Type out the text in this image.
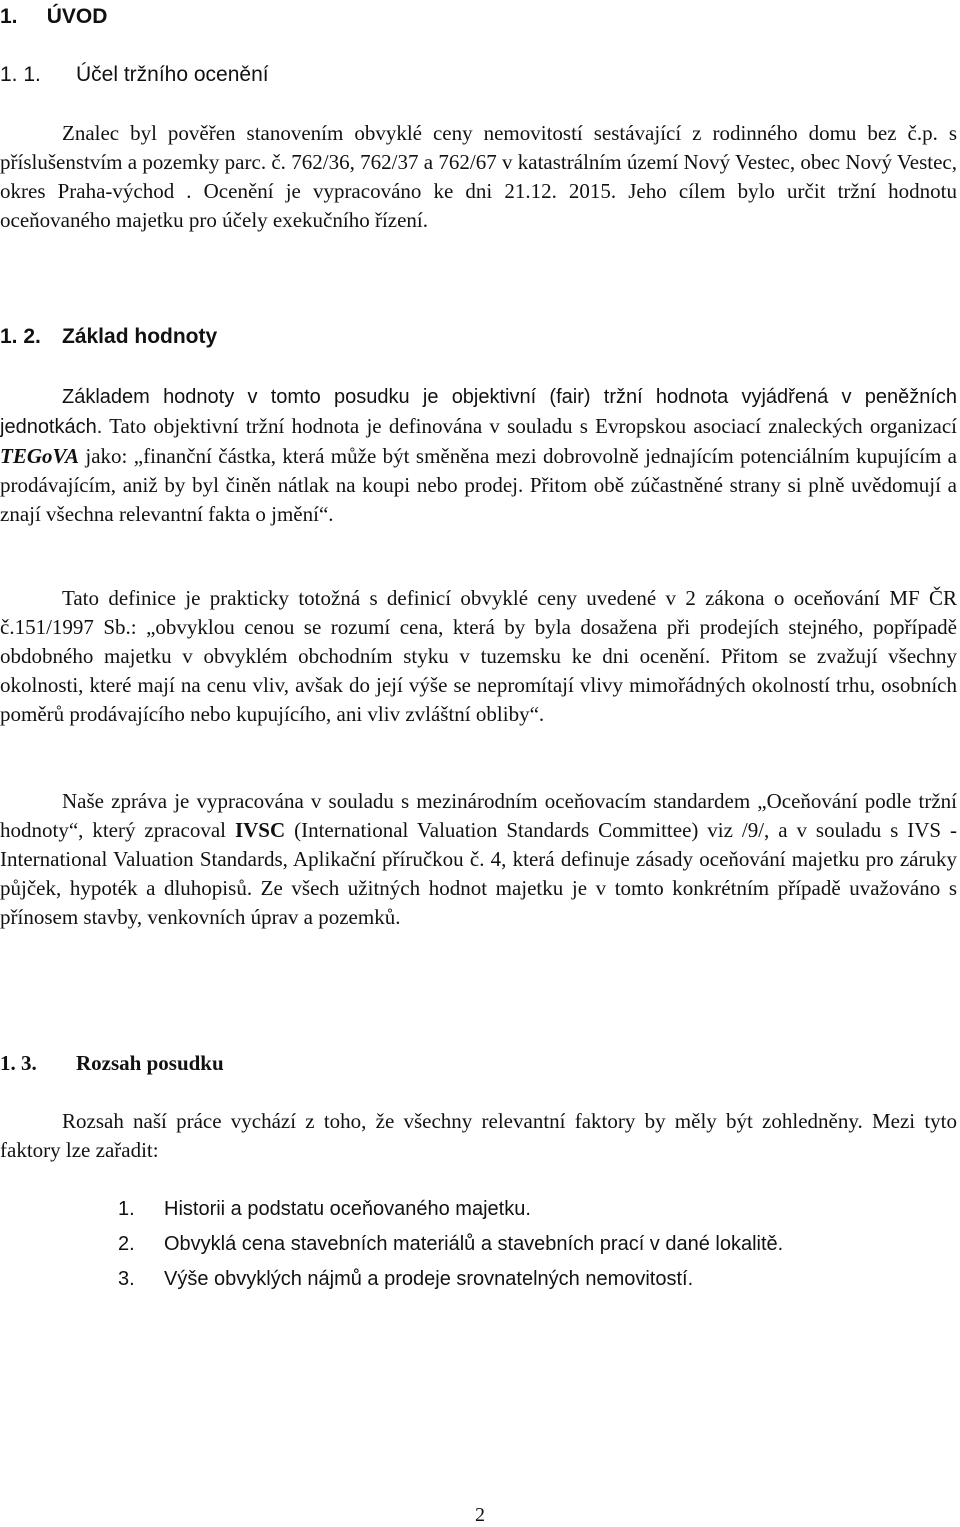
1. ÚVOD
1. 1. Účel tržního ocenění

Znalec byl pověřen stanovením obvyklé ceny nemovitostí sestávající z rodinného domu bez č.p. s příslušenstvím a pozemky parc. č. 762/36, 762/37 a 762/67 v katastrálním území Nový Vestec, obec Nový Vestec, okres Praha-východ . Ocenění je vypracováno ke dni 21.12. 2015. Jeho cílem bylo určit tržní hodnotu oceňovaného majetku pro účely exekučního řízení.

1. 2. Základ hodnoty

Základem hodnoty v tomto posudku je objektivní (fair) tržní hodnota vyjádřená v peněžních jednotkách. Tato objektivní tržní hodnota je definována v souladu s Evropskou asociací znaleckých organizací TEGoVA jako: „finanční částka, která může být směněna mezi dobrovolně jednajícím potenciálním kupujícím a prodávajícím, aniž by byl činěn nátlak na koupi nebo prodej. Přitom obě zúčastněné strany si plně uvědomují a znají všechna relevantní fakta o jmění“.

Tato definice je prakticky totožná s definicí obvyklé ceny uvedené v 2 zákona o oceňování MF ČR č.151/1997 Sb.: „obvyklou cenou se rozumí cena, která by byla dosažena při prodejích stejného, popřípadě obdobného majetku v obvyklém obchodním styku v tuzemsku ke dni ocenění. Přitom se zvažují všechny okolnosti, které mají na cenu vliv, avšak do její výše se nepromítají vlivy mimořádných okolností trhu, osobních poměrů prodávajícího nebo kupujícího, ani vliv zvláštní obliby“.

Naše zpráva je vypracována v souladu s mezinárodním oceňovacím standardem „Oceňování podle tržní hodnoty“, který zpracoval IVSC (International Valuation Standards Committee) viz /9/, a v souladu s IVS - International Valuation Standards, Aplikační příručkou č. 4, která definuje zásady oceňování majetku pro záruky půjček, hypoték a dluhopisů. Ze všech užitných hodnot majetku je v tomto konkrétním případě uvažováno s přínosem stavby, venkovních úprav a pozemků.

1. 3. Rozsah posudku

Rozsah naší práce vychází z toho, že všechny relevantní faktory by měly být zohledněny. Mezi tyto faktory lze zařadit:

1. Historii a podstatu oceňovaného majetku.
2. Obvyklá cena stavebních materiálů a stavebních prací v dané lokalitě.
3. Výše obvyklých nájmů a prodeje srovnatelných nemovitostí.
2
